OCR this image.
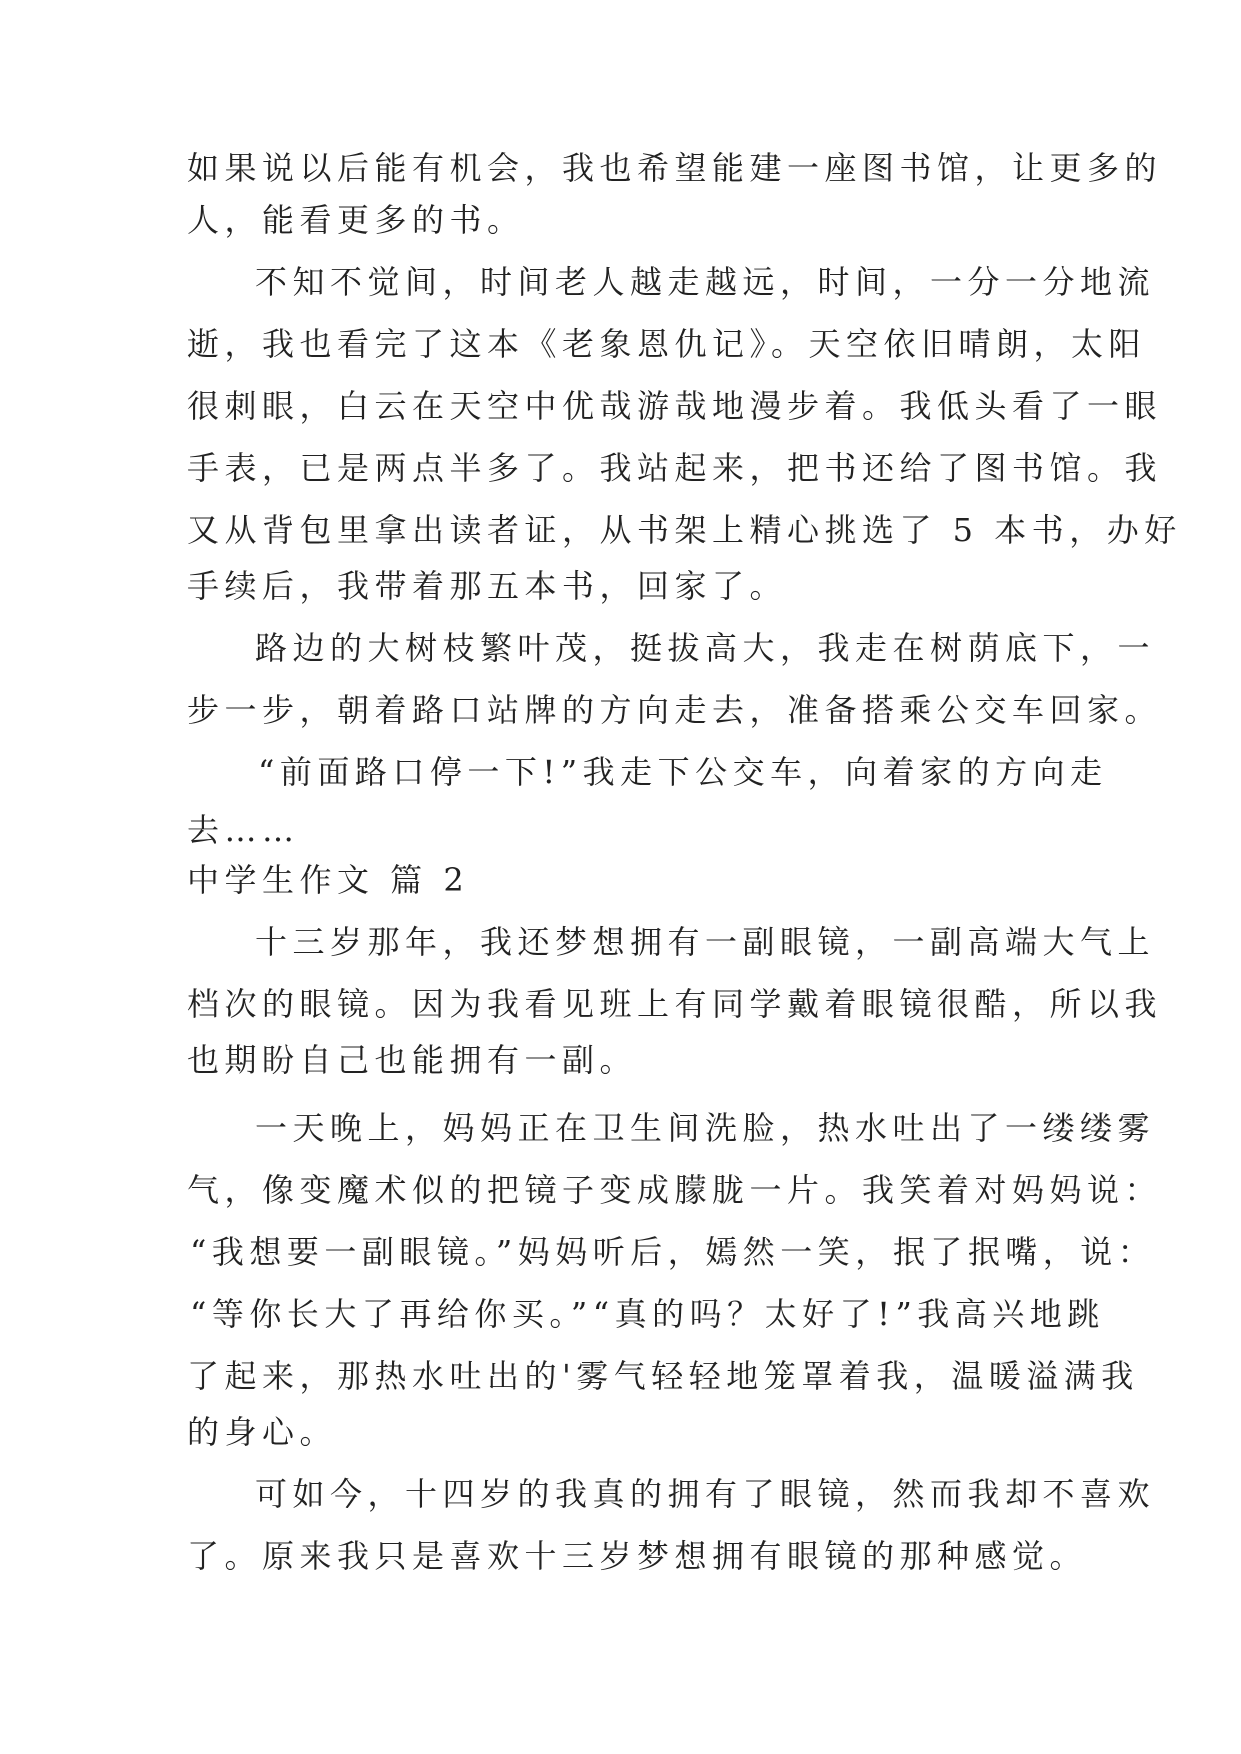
如果说以后能有机会，我也希望能建一座图书馆，让更多的
人，能看更多的书。
不知不觉间，时间老人越走越远，时间，一分一分地流
逝，我也看完了这本《老象恩仇记》。天空依旧晴朗，太阳
很刺眼，白云在天空中优哉游哉地漫步着。我低头看了一眼
手表，已是两点半多了。我站起来，把书还给了图书馆。我
又从背包里拿出读者证，从书架上精心挑选了 5 本书，办好
手续后，我带着那五本书，回家了。
路边的大树枝繁叶茂，挺拔高大，我走在树荫底下，一
步一步，朝着路口站牌的方向走去，准备搭乘公交车回家。
“前面路口停一下!”我走下公交车，向着家的方向走
去……
中学生作文 篇 2
十三岁那年，我还梦想拥有一副眼镜，一副高端大气上
档次的眼镜。因为我看见班上有同学戴着眼镜很酷，所以我
也期盼自己也能拥有一副。
一天晚上，妈妈正在卫生间洗脸，热水吐出了一缕缕雾
气，像变魔术似的把镜子变成朦胧一片。我笑着对妈妈说：
“我想要一副眼镜。”妈妈听后，嫣然一笑，抿了抿嘴，说：
“等你长大了再给你买。”“真的吗？太好了!”我高兴地跳
了起来，那热水吐出的'雾气轻轻地笼罩着我，温暖溢满我
的身心。
可如今，十四岁的我真的拥有了眼镜，然而我却不喜欢
了。原来我只是喜欢十三岁梦想拥有眼镜的那种感觉。
